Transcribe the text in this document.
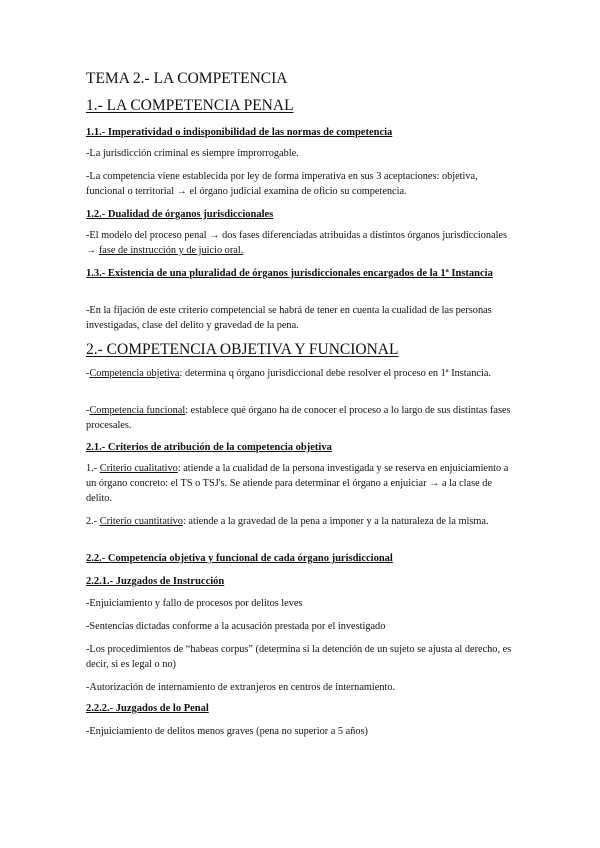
TEMA 2.- LA COMPETENCIA
1.- LA COMPETENCIA PENAL
1.1.- Imperatividad o indisponibilidad de las normas de competencia

-La jurisdicción criminal es siempre improrrogable.

-La competencia viene establecida por ley de forma imperativa en sus 3 aceptaciones: objetiva, funcional o territorial → el órgano judicial examina de oficio su competencia.

1.2.- Dualidad de órganos jurisdiccionales

-El modelo del proceso penal → dos fases diferenciadas atribuidas a distintos órganos jurisdiccionales → fase de instrucción y de juicio oral.

1.3.- Existencia de una pluralidad de órganos jurisdiccionales encargados de la 1ª Instancia

-En la fijación de este criterio competencial se habrá de tener en cuenta la cualidad de las personas investigadas, clase del delito y gravedad de la pena.

2.- COMPETENCIA OBJETIVA Y FUNCIONAL

-Competencia objetiva: determina q órgano jurisdiccional debe resolver el proceso en 1ª Instancia.

-Competencia funcional: establece qué órgano ha de conocer el proceso a lo largo de sus distintas fases procesales.

2.1.- Criterios de atribución de la competencia objetiva

1.- Criterio cualitativo: atiende a la cualidad de la persona investigada y se reserva en enjuiciamiento a un órgano concreto: el TS o TSJ's. Se atiende para determinar el órgano a enjuiciar → a la clase de delito.

2.- Criterio cuantitativo: atiende a la gravedad de la pena a imponer y a la naturaleza de la misma.

2.2.- Competencia objetiva y funcional de cada órgano jurisdiccional
2.2.1.- Juzgados de Instrucción

-Enjuiciamiento y fallo de procesos por delitos leves

-Sentencias dictadas conforme a la acusación prestada por el investigado

-Los procedimientos de “habeas corpus” (determina si la detención de un sujeto se ajusta al derecho, es decir, si es legal o no)

-Autorización de internamiento de extranjeros en centros de internamiento.

2.2.2.- Juzgados de lo Penal

-Enjuiciamiento de delitos menos graves (pena no superior a 5 años)
